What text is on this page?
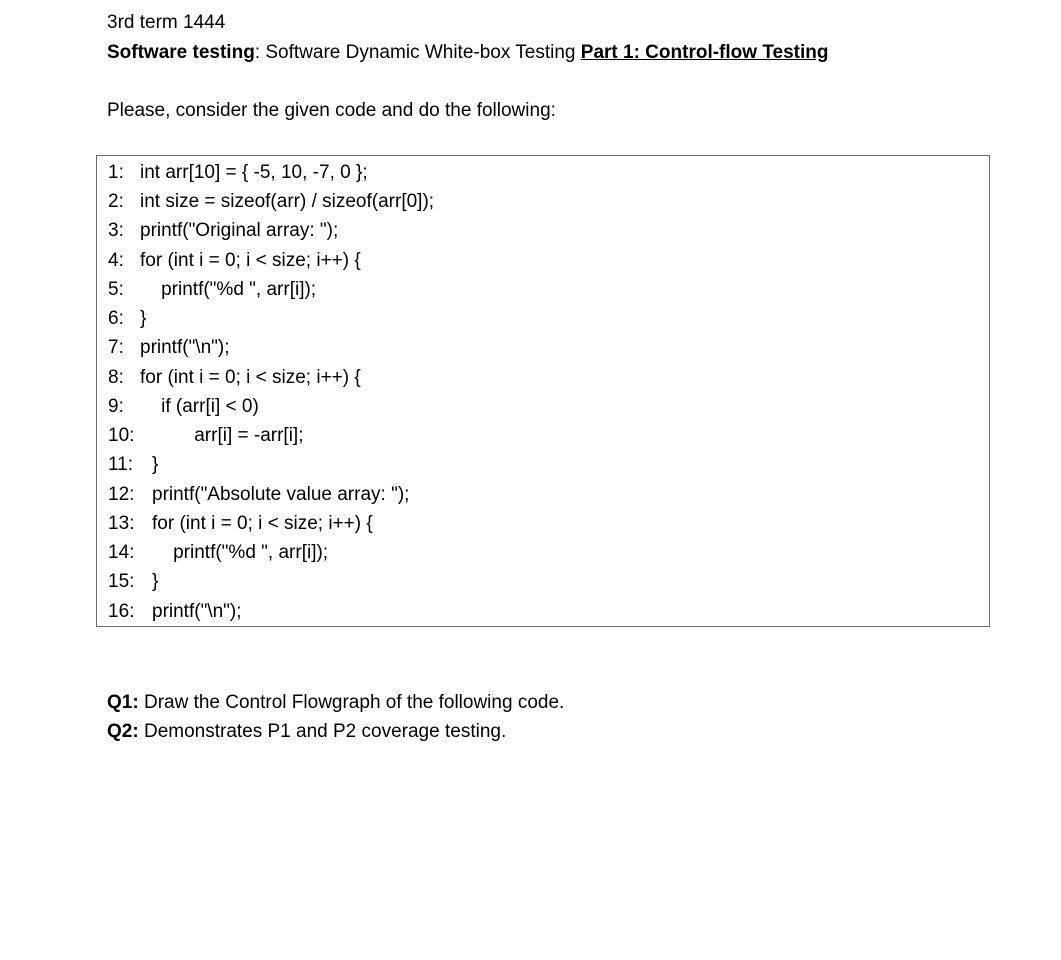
3rd term 1444
Software testing: Software Dynamic White-box Testing Part 1: Control-flow Testing
Please, consider the given code and do the following:
1: int arr[10] = { -5, 10, -7, 0 };
2: int size = sizeof(arr) / sizeof(arr[0]);
3: printf("Original array: ");
4: for (int i = 0; i < size; i++) {
5:    printf("%d ", arr[i]);
6: }
7: printf("\n");
8: for (int i = 0; i < size; i++) {
9:    if (arr[i] < 0)
10:        arr[i] = -arr[i];
11: }
12: printf("Absolute value array: ");
13: for (int i = 0; i < size; i++) {
14:    printf("%d ", arr[i]);
15: }
16: printf("\n");
Q1: Draw the Control Flowgraph of the following code.
Q2: Demonstrates P1 and P2 coverage testing.
